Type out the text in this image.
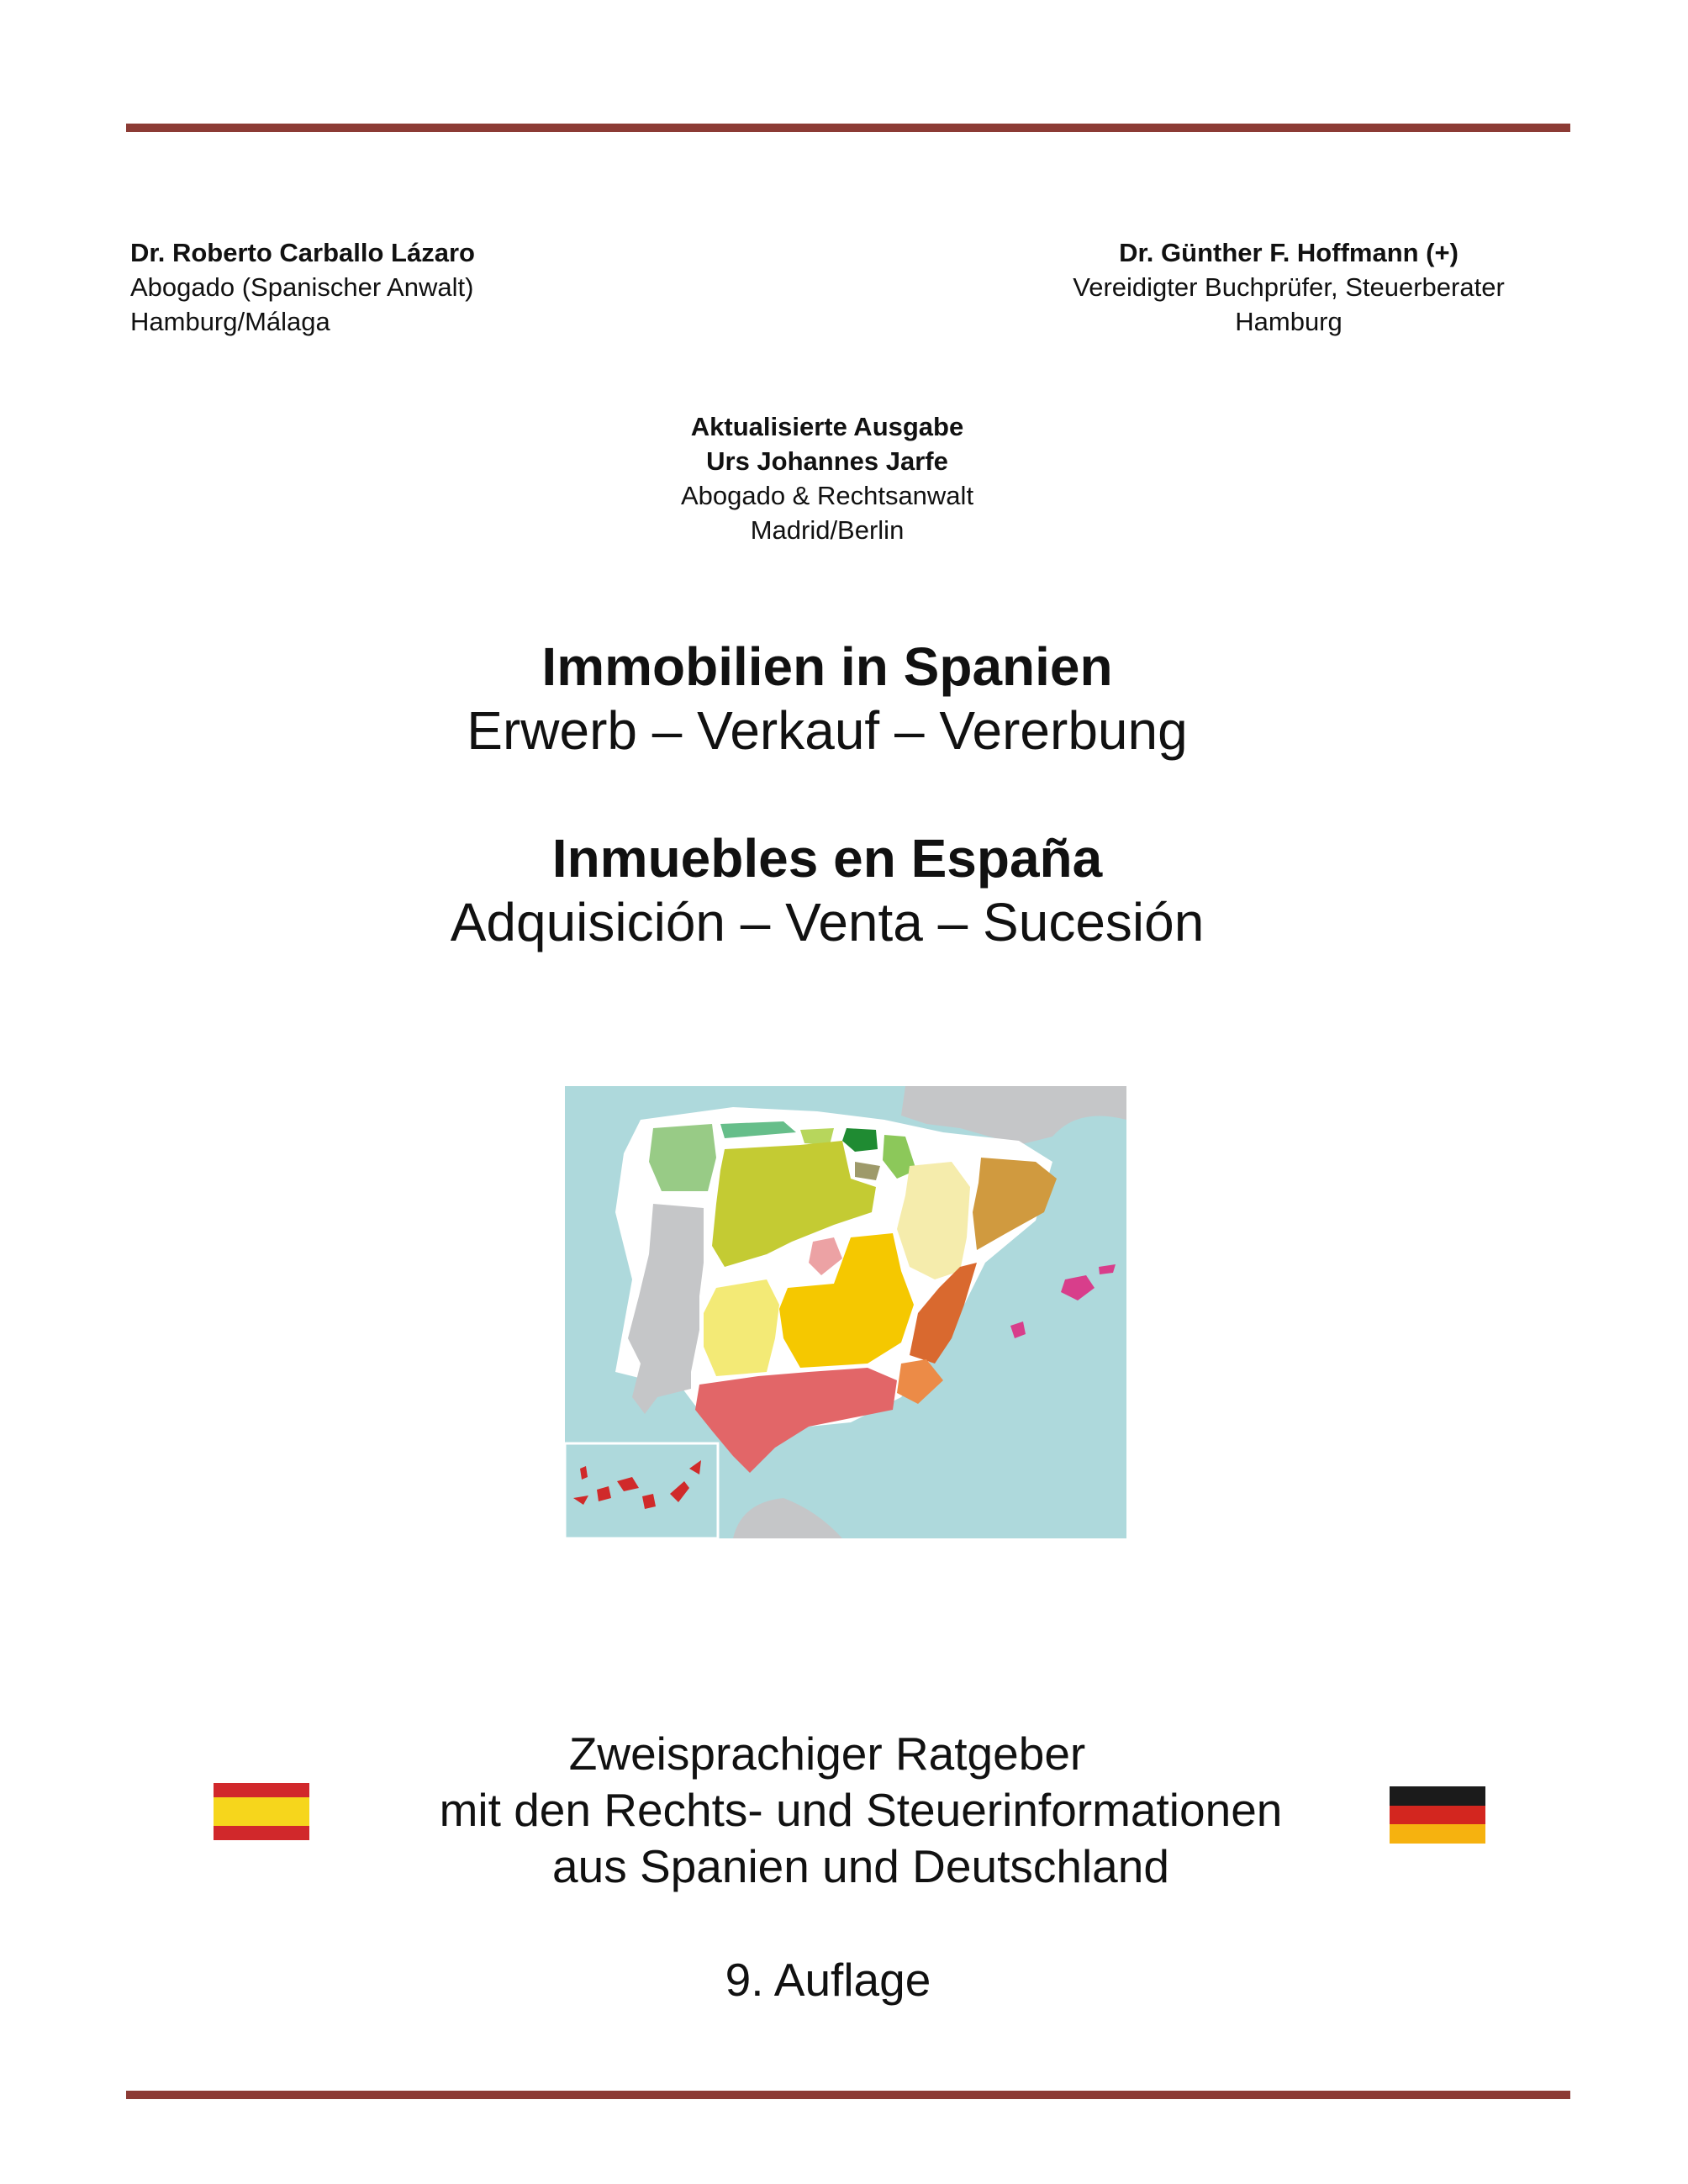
Dr. Roberto Carballo Lázaro
Abogado (Spanischer Anwalt)
Hamburg/Málaga
Dr. Günther F. Hoffmann (+)
Vereidigter Buchprüfer, Steuerberater
Hamburg
Aktualisierte Ausgabe
Urs Johannes Jarfe
Abogado & Rechtsanwalt
Madrid/Berlin
Immobilien in Spanien
Erwerb – Verkauf – Vererbung
Inmuebles en España
Adquisición – Venta – Sucesión
Zweisprachiger Ratgeber
mit den Rechts- und Steuerinformationen
aus Spanien und Deutschland
9. Auflage
